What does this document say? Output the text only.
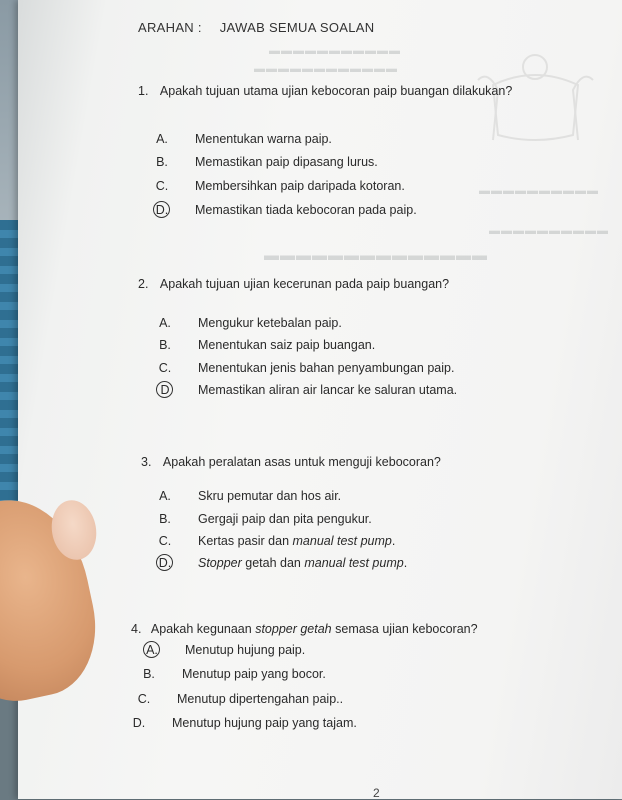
▬▬▬▬▬▬▬▬▬▬▬
▬▬▬▬▬▬▬▬▬▬▬▬
▬▬▬▬▬▬▬▬▬▬
▬▬▬▬▬▬▬▬▬▬
▬▬▬▬▬▬▬▬▬▬▬▬▬▬
ARAHAN : JAWAB SEMUA SOALAN
1. Apakah tujuan utama ujian kebocoran paip buangan dilakukan?
A. Menentukan warna paip.
B. Memastikan paip dipasang lurus.
C. Membersihkan paip daripada kotoran.
D. Memastikan tiada kebocoran pada paip.
2. Apakah tujuan ujian kecerunan pada paip buangan?
A. Mengukur ketebalan paip.
B. Menentukan saiz paip buangan.
C. Menentukan jenis bahan penyambungan paip.
D Memastikan aliran air lancar ke saluran utama.
3. Apakah peralatan asas untuk menguji kebocoran?
A. Skru pemutar dan hos air.
B. Gergaji paip dan pita pengukur.
C. Kertas pasir dan manual test pump.
D. Stopper getah dan manual test pump.
4. Apakah kegunaan stopper getah semasa ujian kebocoran?
A. Menutup hujung paip.
B. Menutup paip yang bocor.
C. Menutup dipertengahan paip..
D. Menutup hujung paip yang tajam.
2
